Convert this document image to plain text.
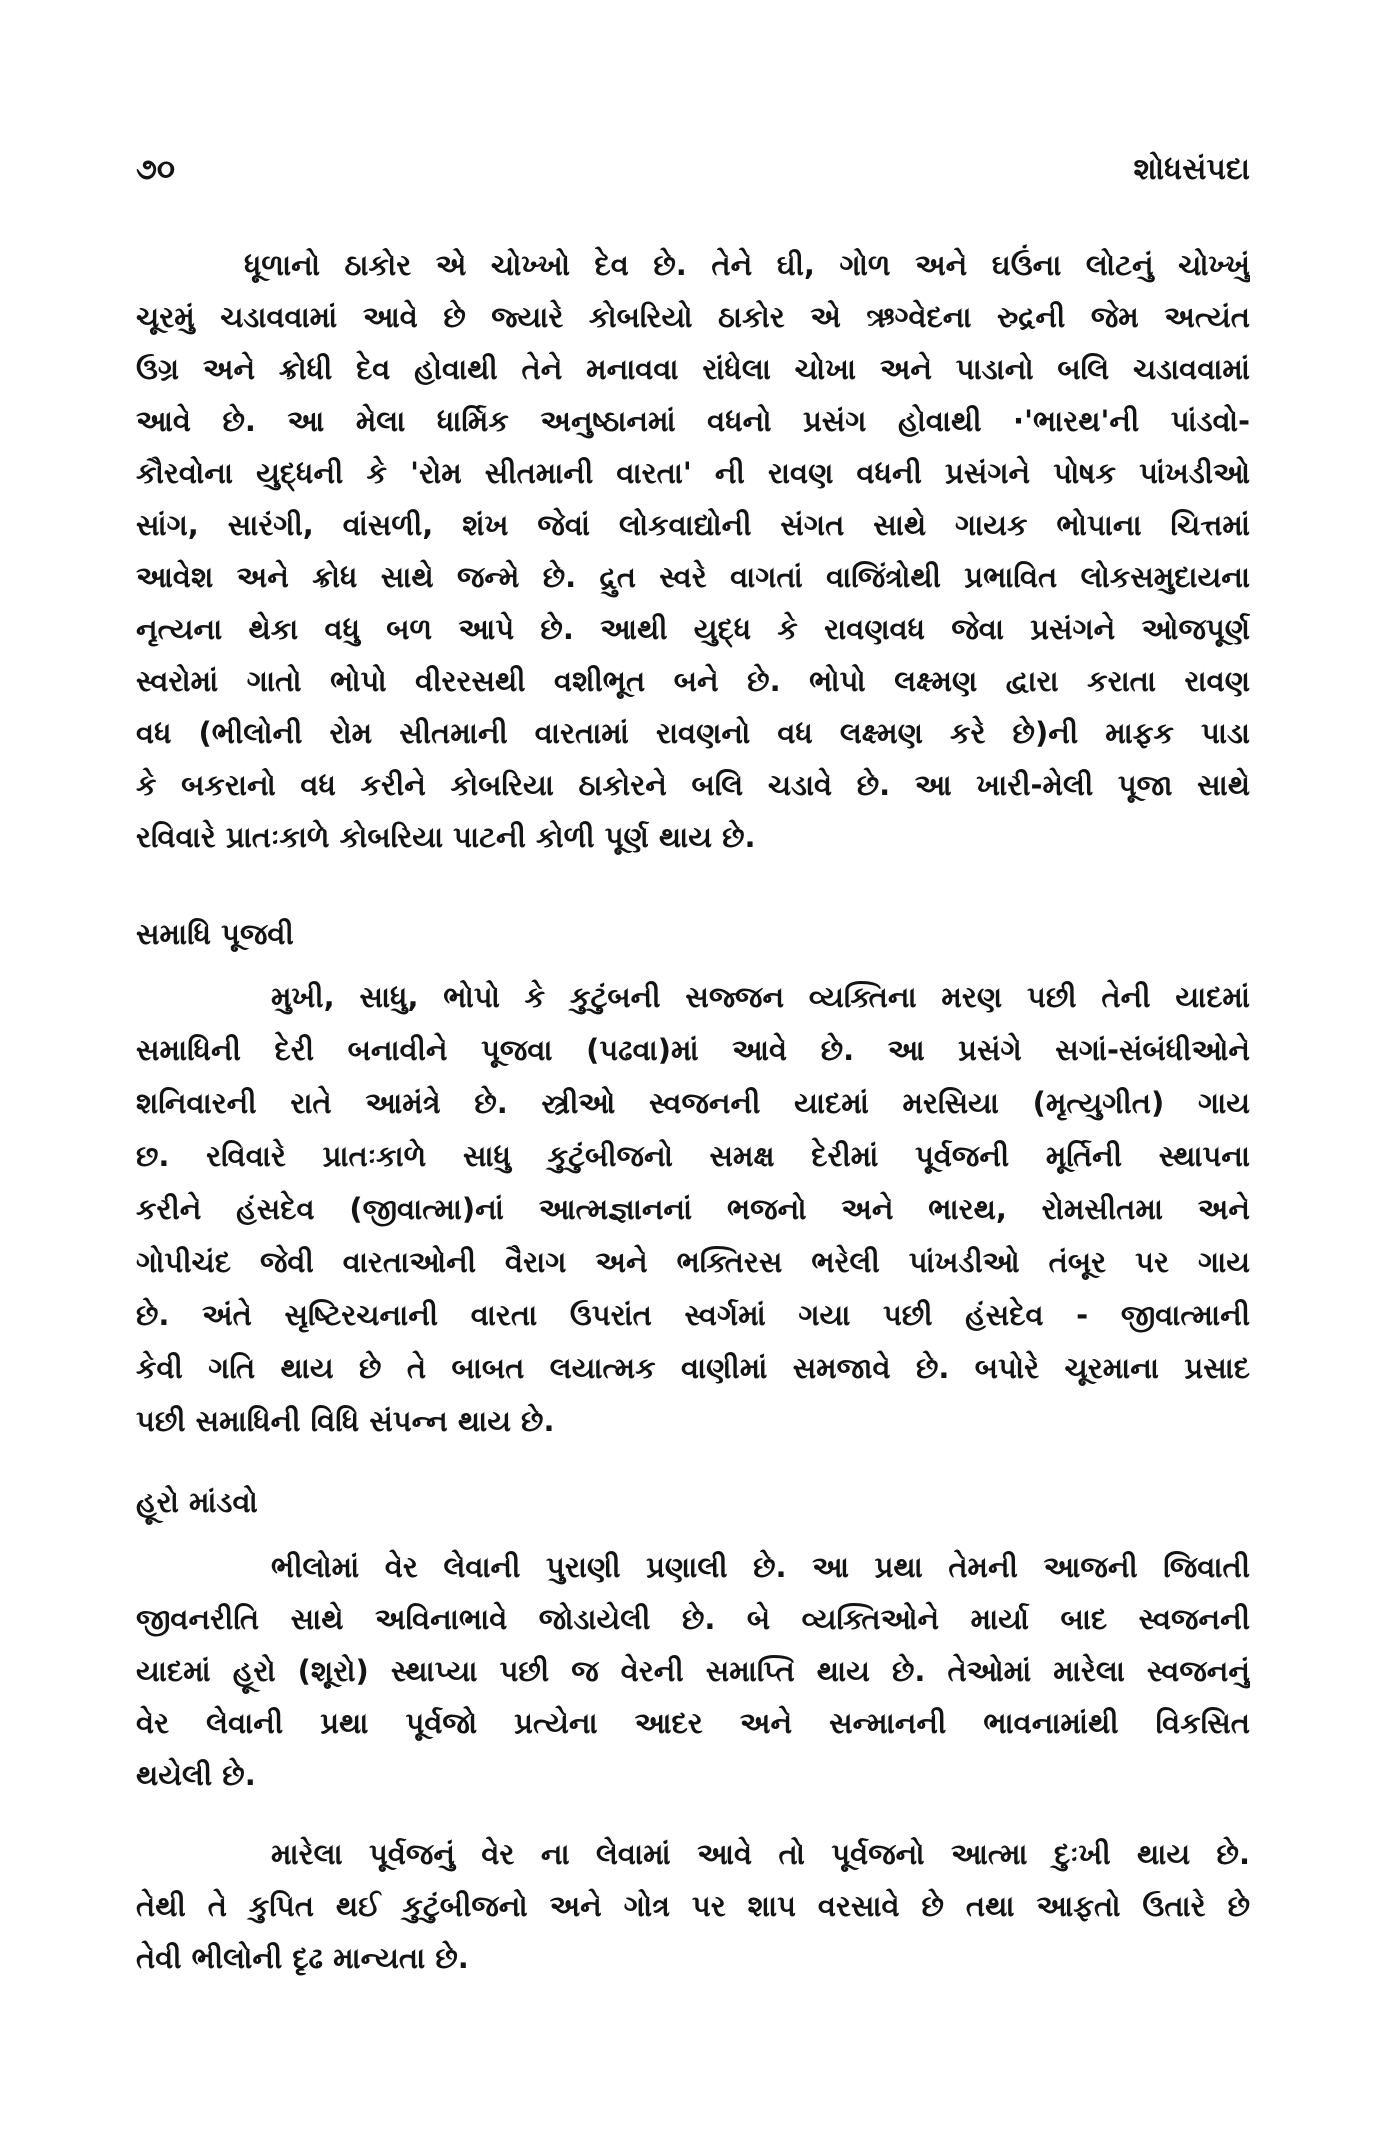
૭૦	શોધસંપદા
ધૂળાનો ઠાકોર એ ચોખ્ખો દેવ છે. તેને ઘી, ગોળ અને ઘઉંના લોટનું ચોખ્ખું
ચૂરમું ચડાવવામાં આવે છે જ્યારે કોબરિયો ઠાકોર એ ઋગ્વેદના રુદ્રની જેમ અત્યંત
ઉગ્ર અને ક્રોધી દેવ હોવાથી તેને મનાવવા રાંધેલા ચોખા અને પાડાનો બલિ ચડાવવામાં
આવે છે. આ મેલા ધાર્મિક અનુષ્ઠાનમાં વધનો પ્રસંગ હોવાથી ·'ભારથ'ની પાંડવો-
કૌરવોના યુદ્ધની કે 'રોમ સીતમાની વારતા' ની રાવણ વધની પ્રસંગને પોષક પાંખડીઓ
સાંગ, સારંગી, વાંસળી, શંખ જેવાં લોકવાદ્યોની સંગત સાથે ગાયક ભોપાના ચિત્તમાં
આવેશ અને ક્રોધ સાથે જન્મે છે. દ્રુત સ્વરે વાગતાં વાજિંત્રોથી પ્રભાવિત લોકસમુદાયના
નૃત્યના થેકા વધુ બળ આપે છે. આથી યુદ્ધ કે રાવણવધ જેવા પ્રસંગને ઓજપૂર્ણ
સ્વરોમાં ગાતો ભોપો વીરરસથી વશીભૂત બને છે. ભોપો લક્ષ્મણ દ્વારા કરાતા રાવણ
વધ (ભીલોની રોમ સીતમાની વારતામાં રાવણનો વધ લક્ષ્મણ કરે છે)ની માફક પાડા
કે બકરાનો વધ કરીને કોબરિયા ઠાકોરને બલિ ચડાવે છે. આ ખારી-મેલી પૂજા સાથે
રવિવારે પ્રાતઃકાળે કોબરિયા પાટની કોળી પૂર્ણ થાય છે.
સમાધિ પૂજવી
મુખી, સાધુ, ભોપો કે કુટુંબની સજ્જન વ્યક્તિના મરણ પછી તેની યાદમાં
સમાધિની દેરી બનાવીને પૂજવા (પઢવા)માં આવે છે. આ પ્રસંગે સગાં-સંબંધીઓને
શનિવારની રાતે આમંત્રે છે. સ્ત્રીઓ સ્વજનની યાદમાં મરસિયા (મૃત્યુગીત) ગાય
છ. રવિવારે પ્રાતઃકાળે સાધુ કુટુંબીજનો સમક્ષ દેરીમાં પૂર્વજની મૂર્તિની સ્થાપના
કરીને હંસદેવ (જીવાત્મા)નાં આત્મજ્ઞાનનાં ભજનો અને ભારથ, રોમસીતમા અને
ગોપીચંદ જેવી વારતાઓની વૈરાગ અને ભક્તિરસ ભરેલી પાંખડીઓ તંબૂર પર ગાય
છે. અંતે સૃષ્ટિરચનાની વારતા ઉપરાંત સ્વર્ગમાં ગયા પછી હંસદેવ - જીવાત્માની
કેવી ગતિ થાય છે તે બાબત લયાત્મક વાણીમાં સમજાવે છે. બપોરે ચૂરમાના પ્રસાદ
પછી સમાધિની વિધિ સંપન્ન થાય છે.
હૂરો માંડવો
ભીલોમાં વેર લેવાની પુરાણી પ્રણાલી છે. આ પ્રથા તેમની આજની જિવાતી
જીવનરીતિ સાથે અવિનાભાવે જોડાયેલી છે. બે વ્યક્તિઓને માર્યા બાદ સ્વજનની
યાદમાં હૂરો (શૂરો) સ્થાપ્યા પછી જ વેરની સમાપ્તિ થાય છે. તેઓમાં મારેલા સ્વજનનું
વેર લેવાની પ્રથા પૂર્વજો પ્રત્યેના આદર અને સન્માનની ભાવનામાંથી વિકસિત
થયેલી છે.
મારેલા પૂર્વજનું વેર ના લેવામાં આવે તો પૂર્વજનો આત્મા દુઃખી થાય છે.
તેથી તે કુપિત થઈ કુટુંબીજનો અને ગોત્ર પર શાપ વરસાવે છે તથા આફતો ઉતારે છે
તેવી ભીલોની દૃઢ માન્યતા છે.
